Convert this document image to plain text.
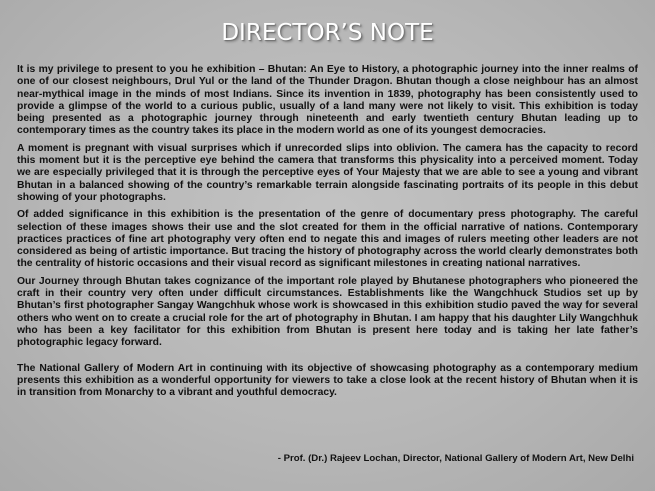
DIRECTOR’S NOTE

It is my privilege to present to you he exhibition – Bhutan: An Eye to History, a photographic journey into the inner realms of one of our closest neighbours, Drul Yul or the land of the Thunder Dragon. Bhutan though a close neighbour has an almost near-mythical image in the minds of most Indians. Since its invention in 1839, photography has been consistently used to provide a glimpse of the world to a curious public, usually of a land many were not likely to visit. This exhibition is today being presented as a photographic journey through nineteenth and early twentieth century Bhutan leading up to contemporary times as the country takes its place in the modern world as one of its youngest democracies.

A moment is pregnant with visual surprises which if unrecorded slips into oblivion. The camera has the capacity to record this moment but it is the perceptive eye behind the camera that transforms this physicality into a perceived moment. Today we are especially privileged that it is through the perceptive eyes of Your Majesty that we are able to see a young and vibrant Bhutan in a balanced showing of the country’s remarkable terrain alongside fascinating portraits of its people in this debut showing of your photographs.

Of added significance in this exhibition is the presentation of the genre of documentary press photography. The careful selection of these images shows their use and the slot created for them in the official narrative of nations. Contemporary practices practices of fine art photography very often end to negate this and images of rulers meeting other leaders are not considered as being of artistic importance. But tracing the history of photography across the world clearly demonstrates both the centrality of historic occasions and their visual record as significant milestones in creating national narratives.

Our Journey through Bhutan takes cognizance of the important role played by Bhutanese photographers who pioneered the craft in their country very often under difficult circumstances. Establishments like the Wangchhuck Studios set up by Bhutan’s first photographer Sangay Wangchhuk whose work is showcased in this exhibition studio paved the way for several others who went on to create a crucial role for the art of photography in Bhutan. I am happy that his daughter Lily Wangchhuk who has been a key facilitator for this exhibition from Bhutan is present here today and is taking her late father’s photographic legacy forward.

The National Gallery of Modern Art in continuing with its objective of showcasing photography as a contemporary medium presents this exhibition as a wonderful opportunity for viewers to take a close look at the recent history of Bhutan when it is in transition from Monarchy to a vibrant and youthful democracy.

- Prof. (Dr.) Rajeev Lochan, Director, National Gallery of Modern Art, New Delhi
